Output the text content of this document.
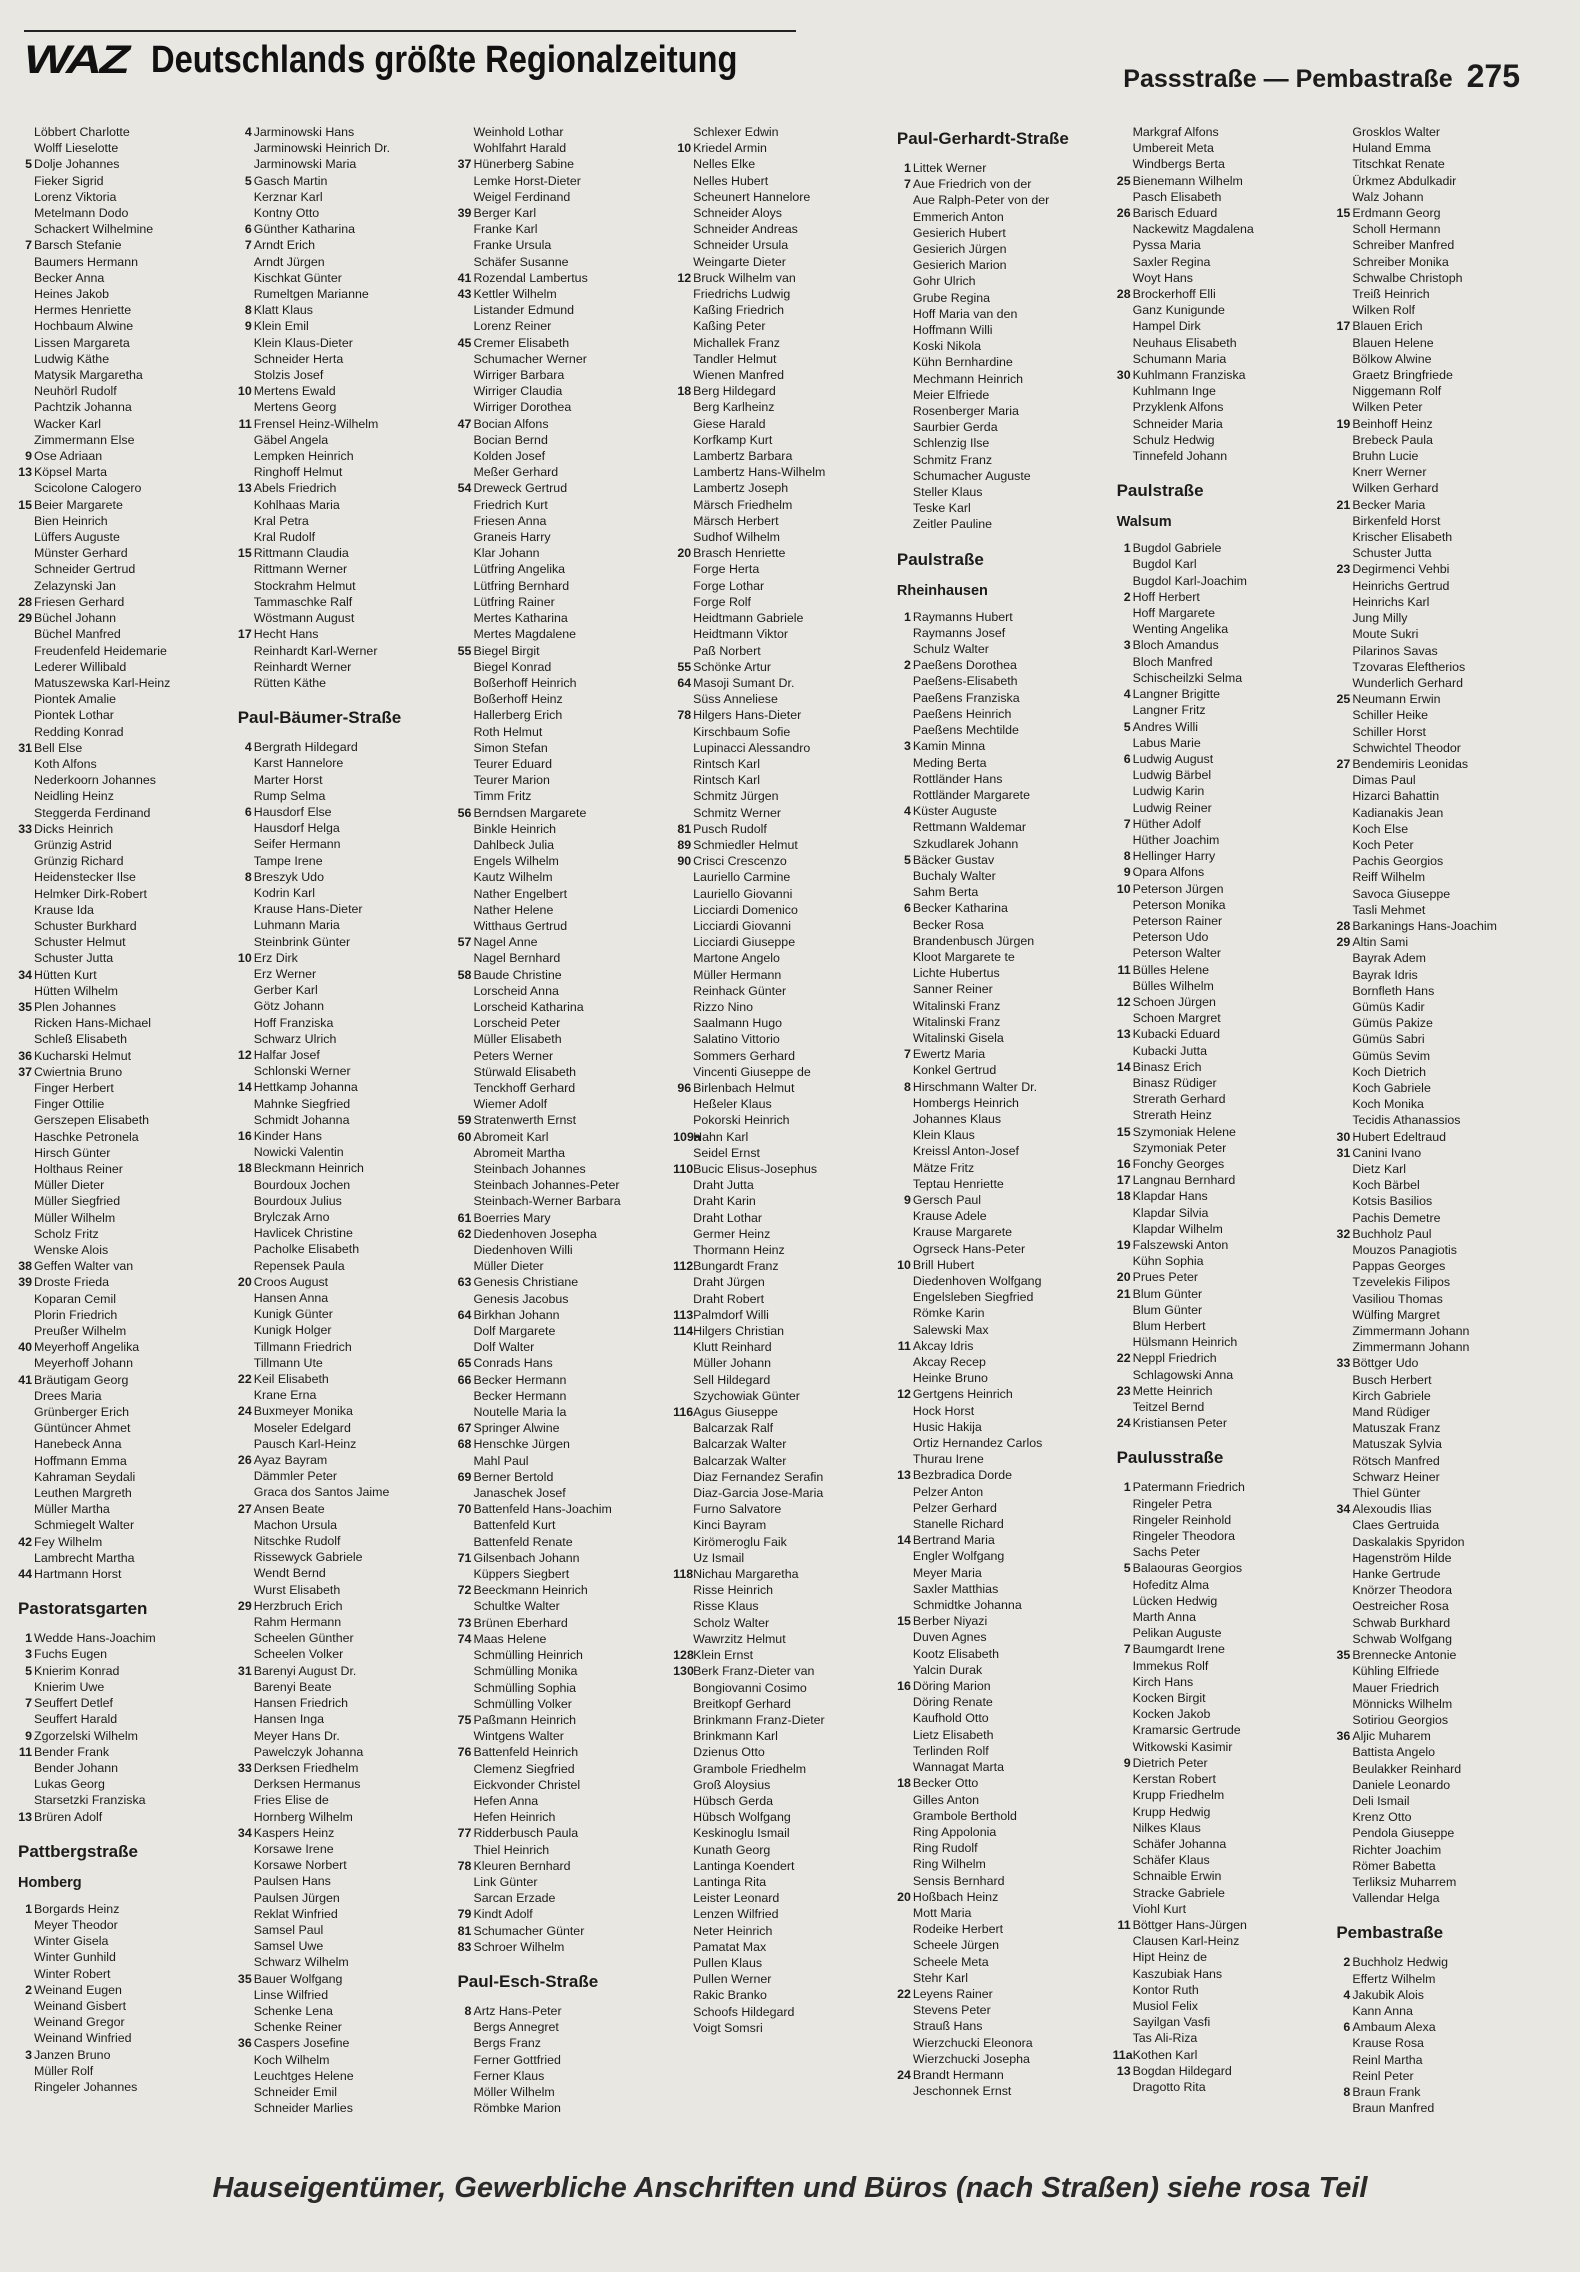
WAZ Deutschlands größte Regionalzeitung	Passstraße — Pembastraße 275
Löbbert Charlotte
Wolff Lieselotte
5 Dolje Johannes
Fieker Sigrid
Lorenz Viktoria
Metelmann Dodo
Schackert Wilhelmine
7 Barsch Stefanie
Baumers Hermann
Becker Anna
Heines Jakob
Hermes Henriette
Hochbaum Alwine
Lissen Margareta
Ludwig Käthe
Matysik Margaretha
Neuhörl Rudolf
Pachtzik Johanna
Wacker Karl
Zimmermann Else
9 Ose Adriaan
13 Köpsel Marta
Scicolone Calogero
15 Beier Margarete
Bien Heinrich
Lüffers Auguste
Münster Gerhard
Schneider Gertrud
Zelazynski Jan
28 Friesen Gerhard
29 Büchel Johann
Büchel Manfred
Freudenfeld Heidemarie
Lederer Willibald
Matuszewska Karl-Heinz
Piontek Amalie
Piontek Lothar
Redding Konrad
31 Bell Else
Koth Alfons
Nederkoorn Johannes
Neidling Heinz
Steggerda Ferdinand
33 Dicks Heinrich
Grünzig Astrid
Grünzig Richard
Heidenstecker Ilse
Helmker Dirk-Robert
Krause Ida
Schuster Burkhard
Schuster Helmut
Schuster Jutta
34 Hütten Kurt
Hütten Wilhelm
35 Plen Johannes
Ricken Hans-Michael
Schleß Elisabeth
36 Kucharski Helmut
37 Cwiertnia Bruno
Finger Herbert
Finger Ottilie
Gerszepen Elisabeth
Haschke Petronela
Hirsch Günter
Holthaus Reiner
Müller Dieter
Müller Siegfried
Müller Wilhelm
Scholz Fritz
Wenske Alois
38 Geffen Walter van
39 Droste Frieda
Koparan Cemil
Plorin Friedrich
Preußer Wilhelm
40 Meyerhoff Angelika
Meyerhoff Johann
41 Bräutigam Georg
Drees Maria
Grünberger Erich
Güntüncer Ahmet
Hanebeck Anna
Hoffmann Emma
Kahraman Seydali
Leuthen Margreth
Müller Martha
Schmiegelt Walter
42 Fey Wilhelm
Lambrecht Martha
44 Hartmann Horst
Pastoratsgarten
1 Wedde Hans-Joachim
3 Fuchs Eugen
5 Knierim Konrad
Knierim Uwe
7 Seuffert Detlef
Seuffert Harald
9 Zgorzelski Wilhelm
11 Bender Frank
Bender Johann
Lukas Georg
Starsetzki Franziska
13 Brüren Adolf
Pattbergstraße
Homberg
1 Borgards Heinz
Meyer Theodor
Winter Gisela
Winter Gunhild
Winter Robert
2 Weinand Eugen
Weinand Gisbert
Weinand Gregor
Weinand Winfried
3 Janzen Bruno
Müller Rolf
Ringeler Johannes
4 Jarminowski Hans
Jarminowski Heinrich Dr.
Jarminowski Maria
5 Gasch Martin
Kerznar Karl
Kontny Otto
6 Günther Katharina
7 Arndt Erich
Arndt Jürgen
Kischkat Günter
Rumeltgen Marianne
8 Klatt Klaus
9 Klein Emil
Klein Klaus-Dieter
Schneider Herta
Stolzis Josef
10 Mertens Ewald
Mertens Georg
11 Frensel Heinz-Wilhelm
Gäbel Angela
Lempken Heinrich
Ringhoff Helmut
13 Abels Friedrich
Kohlhaas Maria
Kral Petra
Kral Rudolf
15 Rittmann Claudia
Rittmann Werner
Stockrahm Helmut
Tammaschke Ralf
Wöstmann August
17 Hecht Hans
Reinhardt Karl-Werner
Reinhardt Werner
Rütten Käthe
Paul-Bäumer-Straße
4 Bergrath Hildegard
Karst Hannelore
Marter Horst
Rump Selma
6 Hausdorf Else
Hausdorf Helga
Seifer Hermann
Tampe Irene
8 Breszyk Udo
Kodrin Karl
Krause Hans-Dieter
Luhmann Maria
Steinbrink Günter
10 Erz Dirk
Erz Werner
Gerber Karl
Götz Johann
Hoff Franziska
Schwarz Ulrich
12 Halfar Josef
Schlonski Werner
14 Hettkamp Johanna
Mahnke Siegfried
Schmidt Johanna
16 Kinder Hans
Nowicki Valentin
18 Bleckmann Heinrich
Bourdoux Jochen
Bourdoux Julius
Brylczak Arno
Havlicek Christine
Pacholke Elisabeth
Repensek Paula
20 Croos August
Hansen Anna
Kunigk Günter
Kunigk Holger
Tillmann Friedrich
Tillmann Ute
22 Keil Elisabeth
Krane Erna
24 Buxmeyer Monika
Moseler Edelgard
Pausch Karl-Heinz
26 Ayaz Bayram
Dämmler Peter
Graca dos Santos Jaime
27 Ansen Beate
Machon Ursula
Nitschke Rudolf
Rissewyck Gabriele
Wendt Bernd
Wurst Elisabeth
29 Herzbruch Erich
Rahm Hermann
Scheelen Günther
Scheelen Volker
31 Barenyi August Dr.
Barenyi Beate
Hansen Friedrich
Hansen Inga
Meyer Hans Dr.
Pawelczyk Johanna
33 Derksen Friedhelm
Derksen Hermanus
Fries Elise de
Hornberg Wilhelm
34 Kaspers Heinz
Korsawe Irene
Korsawe Norbert
Paulsen Hans
Paulsen Jürgen
Reklat Winfried
Samsel Paul
Samsel Uwe
Schwarz Wilhelm
35 Bauer Wolfgang
Linse Wilfried
Schenke Lena
Schenke Reiner
36 Caspers Josefine
Koch Wilhelm
Leuchtges Helene
Schneider Emil
Schneider Marlies
Weinhold Lothar
Wohlfahrt Harald
37 Hünerberg Sabine
Lemke Horst-Dieter
Weigel Ferdinand
39 Berger Karl
Franke Karl
Franke Ursula
Schäfer Susanne
41 Rozendal Lambertus
43 Kettler Wilhelm
Listander Edmund
Lorenz Reiner
45 Cremer Elisabeth
Schumacher Werner
Wirriger Barbara
Wirriger Claudia
Wirriger Dorothea
47 Bocian Alfons
Bocian Bernd
Kolden Josef
Meßer Gerhard
54 Dreweck Gertrud
Friedrich Kurt
Friesen Anna
Graneis Harry
Klar Johann
Lütfring Angelika
Lütfring Bernhard
Lütfring Rainer
Mertes Katharina
Mertes Magdalene
55 Biegel Birgit
Biegel Konrad
Boßerhoff Heinrich
Boßerhoff Heinz
Hallerberg Erich
Roth Helmut
Simon Stefan
Teurer Eduard
Teurer Marion
Timm Fritz
56 Berndsen Margarete
Binkle Heinrich
Dahlbeck Julia
Engels Wilhelm
Kautz Wilhelm
Nather Engelbert
Nather Helene
Witthaus Gertrud
57 Nagel Anne
Nagel Bernhard
58 Baude Christine
Lorscheid Anna
Lorscheid Katharina
Lorscheid Peter
Müller Elisabeth
Peters Werner
Stürwald Elisabeth
Tenckhoff Gerhard
Wiemer Adolf
59 Stratenwerth Ernst
60 Abromeit Karl
Abromeit Martha
Steinbach Johannes
Steinbach Johannes-Peter
Steinbach-Werner Barbara
61 Boerries Mary
62 Diedenhoven Josepha
Diedenhoven Willi
Müller Dieter
63 Genesis Christiane
Genesis Jacobus
64 Birkhan Johann
Dolf Margarete
Dolf Walter
65 Conrads Hans
66 Becker Hermann
Becker Hermann
Noutelle Maria la
67 Springer Alwine
68 Henschke Jürgen
Mahl Paul
69 Berner Bertold
Janaschek Josef
70 Battenfeld Hans-Joachim
Battenfeld Kurt
Battenfeld Renate
71 Gilsenbach Johann
Küppers Siegbert
72 Beeckmann Heinrich
Schultke Walter
73 Brünen Eberhard
74 Maas Helene
Schmülling Heinrich
Schmülling Monika
Schmülling Sophia
Schmülling Volker
75 Paßmann Heinrich
Wintgens Walter
76 Battenfeld Heinrich
Clemenz Siegfried
Eickvonder Christel
Hefen Anna
Hefen Heinrich
77 Ridderbusch Paula
Thiel Heinrich
78 Kleuren Bernhard
Link Günter
Sarcan Erzade
79 Kindt Adolf
81 Schumacher Günter
83 Schroer Wilhelm
Paul-Esch-Straße
8 Artz Hans-Peter
Bergs Annegret
Bergs Franz
Ferner Gottfried
Ferner Klaus
Möller Wilhelm
Römbke Marion
Schlexer Edwin
10 Kriedel Armin
Nelles Elke
Nelles Hubert
Scheunert Hannelore
Schneider Aloys
Schneider Andreas
Schneider Ursula
Weingarte Dieter
12 Bruck Wilhelm van
Friedrichs Ludwig
Kaßing Friedrich
Kaßing Peter
Michallek Franz
Tandler Helmut
Wienen Manfred
18 Berg Hildegard
Berg Karlheinz
Giese Harald
Korfkamp Kurt
Lambertz Barbara
Lambertz Hans-Wilhelm
Lambertz Joseph
Märsch Friedhelm
Märsch Herbert
Sudhof Wilhelm
20 Brasch Henriette
Forge Herta
Forge Lothar
Forge Rolf
Heidtmann Gabriele
Heidtmann Viktor
Paß Norbert
55 Schönke Artur
64 Masoji Sumant Dr.
Süss Anneliese
78 Hilgers Hans-Dieter
Kirschbaum Sofie
Lupinacci Alessandro
Rintsch Karl
Rintsch Karl
Schmitz Jürgen
Schmitz Werner
81 Pusch Rudolf
89 Schmiedler Helmut
90 Crisci Crescenzo
Lauriello Carmine
Lauriello Giovanni
Licciardi Domenico
Licciardi Giovanni
Licciardi Giuseppe
Martone Angelo
Müller Hermann
Reinhack Günter
Rizzo Nino
Saalmann Hugo
Salatino Vittorio
Sommers Gerhard
Vincenti Giuseppe de
96 Birlenbach Helmut
Heßeler Klaus
Pokorski Heinrich
109a
Hahn Karl
Seidel Ernst
110 Bucic Elisus-Josephus
Draht Jutta
Draht Karin
Draht Lothar
Germer Heinz
Thormann Heinz
112 Bungardt Franz
Draht Jürgen
Draht Robert
113 Palmdorf Willi
114 Hilgers Christian
Klutt Reinhard
Müller Johann
Sell Hildegard
Szychowiak Günter
116 Agus Giuseppe
Balcarzak Ralf
Balcarzak Walter
Balcarzak Walter
Diaz Fernandez Serafin
Diaz-Garcia Jose-Maria
Furno Salvatore
Kinci Bayram
Kirömeroglu Faik
Uz Ismail
118 Nichau Margaretha
Risse Heinrich
Risse Klaus
Scholz Walter
Wawrzitz Helmut
128 Klein Ernst
130 Berk Franz-Dieter van
Bongiovanni Cosimo
Breitkopf Gerhard
Brinkmann Franz-Dieter
Brinkmann Karl
Dzienus Otto
Grambole Friedhelm
Groß Aloysius
Hübsch Gerda
Hübsch Wolfgang
Keskinoglu Ismail
Kunath Georg
Lantinga Koendert
Lantinga Rita
Leister Leonard
Lenzen Wilfried
Neter Heinrich
Pamatat Max
Pullen Klaus
Pullen Werner
Rakic Branko
Schoofs Hildegard
Voigt Somsri
Paul-Gerhardt-Straße
1 Littek Werner
7 Aue Friedrich von der
Aue Ralph-Peter von der
Emmerich Anton
Gesierich Hubert
Gesierich Jürgen
Gesierich Marion
Gohr Ulrich
Grube Regina
Hoff Maria van den
Hoffmann Willi
Koski Nikola
Kühn Bernhardine
Mechmann Heinrich
Meier Elfriede
Rosenberger Maria
Saurbier Gerda
Schlenzig Ilse
Schmitz Franz
Schumacher Auguste
Steller Klaus
Teske Karl
Zeitler Pauline
Paulstraße
Rheinhausen
1 Raymanns Hubert
Raymanns Josef
Schulz Walter
2 Paeßens Dorothea
Paeßens-Elisabeth
Paeßens Franziska
Paeßens Heinrich
Paeßens Mechtilde
3 Kamin Minna
Meding Berta
Rottländer Hans
Rottländer Margarete
4 Küster Auguste
Rettmann Waldemar
Szkudlarek Johann
5 Bäcker Gustav
Buchaly Walter
Sahm Berta
6 Becker Katharina
Becker Rosa
Brandenbusch Jürgen
Kloot Margarete te
Lichte Hubertus
Sanner Reiner
Witalinski Franz
Witalinski Franz
Witalinski Gisela
7 Ewertz Maria
Konkel Gertrud
8 Hirschmann Walter Dr.
Hombergs Heinrich
Johannes Klaus
Klein Klaus
Kreissl Anton-Josef
Mätze Fritz
Teptau Henriette
9 Gersch Paul
Krause Adele
Krause Margarete
Ogrseck Hans-Peter
10 Brill Hubert
Diedenhoven Wolfgang
Engelsleben Siegfried
Römke Karin
Salewski Max
11 Akcay Idris
Akcay Recep
Heinke Bruno
12 Gertgens Heinrich
Hock Horst
Husic Hakija
Ortiz Hernandez Carlos
Thurau Irene
13 Bezbradica Dorde
Pelzer Anton
Pelzer Gerhard
Stanelle Richard
14 Bertrand Maria
Engler Wolfgang
Meyer Maria
Saxler Matthias
Schmidtke Johanna
15 Berber Niyazi
Duven Agnes
Kootz Elisabeth
Yalcin Durak
16 Döring Marion
Döring Renate
Kaufhold Otto
Lietz Elisabeth
Terlinden Rolf
Wannagat Marta
18 Becker Otto
Gilles Anton
Grambole Berthold
Ring Appolonia
Ring Rudolf
Ring Wilhelm
Sensis Bernhard
20 Hoßbach Heinz
Mott Maria
Rodeike Herbert
Scheele Jürgen
Scheele Meta
Stehr Karl
22 Leyens Rainer
Stevens Peter
Strauß Hans
Wierzchucki Eleonora
Wierzchucki Josepha
24 Brandt Hermann
Jeschonnek Ernst
Markgraf Alfons
Umbereit Meta
Windbergs Berta
25 Bienemann Wilhelm
Pasch Elisabeth
26 Barisch Eduard
Nackewitz Magdalena
Pyssa Maria
Saxler Regina
Woyt Hans
28 Brockerhoff Elli
Ganz Kunigunde
Hampel Dirk
Neuhaus Elisabeth
Schumann Maria
30 Kuhlmann Franziska
Kuhlmann Inge
Przyklenk Alfons
Schneider Maria
Schulz Hedwig
Tinnefeld Johann
Paulstraße
Walsum
1 Bugdol Gabriele
Bugdol Karl
Bugdol Karl-Joachim
2 Hoff Herbert
Hoff Margarete
Wenting Angelika
3 Bloch Amandus
Bloch Manfred
Schischeilzki Selma
4 Langner Brigitte
Langner Fritz
5 Andres Willi
Labus Marie
6 Ludwig August
Ludwig Bärbel
Ludwig Karin
Ludwig Reiner
7 Hüther Adolf
Hüther Joachim
8 Hellinger Harry
9 Opara Alfons
10 Peterson Jürgen
Peterson Monika
Peterson Rainer
Peterson Udo
Peterson Walter
11 Bülles Helene
Bülles Wilhelm
12 Schoen Jürgen
Schoen Margret
13 Kubacki Eduard
Kubacki Jutta
14 Binasz Erich
Binasz Rüdiger
Strerath Gerhard
Strerath Heinz
15 Szymoniak Helene
Szymoniak Peter
16 Fonchy Georges
17 Langnau Bernhard
18 Klapdar Hans
Klapdar Silvia
Klapdar Wilhelm
19 Falszewski Anton
Kühn Sophia
20 Prues Peter
21 Blum Günter
Blum Günter
Blum Herbert
Hülsmann Heinrich
22 Neppl Friedrich
Schlagowski Anna
23 Mette Heinrich
Teitzel Bernd
24 Kristiansen Peter
Paulusstraße
1 Patermann Friedrich
Ringeler Petra
Ringeler Reinhold
Ringeler Theodora
Sachs Peter
5 Balaouras Georgios
Hofeditz Alma
Lücken Hedwig
Marth Anna
Pelikan Auguste
7 Baumgardt Irene
Immekus Rolf
Kirch Hans
Kocken Birgit
Kocken Jakob
Kramarsic Gertrude
Witkowski Kasimir
9 Dietrich Peter
Kerstan Robert
Krupp Friedhelm
Krupp Hedwig
Nilkes Klaus
Schäfer Johanna
Schäfer Klaus
Schnaible Erwin
Stracke Gabriele
Viohl Kurt
11 Böttger Hans-Jürgen
Clausen Karl-Heinz
Hipt Heinz de
Kaszubiak Hans
Kontor Ruth
Musiol Felix
Sayilgan Vasfi
Tas Ali-Riza
11a Kothen Karl
13 Bogdan Hildegard
Dragotto Rita
Grosklos Walter
Huland Emma
Titschkat Renate
Ürkmez Abdulkadir
Walz Johann
15 Erdmann Georg
Scholl Hermann
Schreiber Manfred
Schreiber Monika
Schwalbe Christoph
Treiß Heinrich
Wilken Rolf
17 Blauen Erich
Blauen Helene
Bölkow Alwine
Graetz Bringfriede
Niggemann Rolf
Wilken Peter
19 Beinhoff Heinz
Brebeck Paula
Bruhn Lucie
Knerr Werner
Wilken Gerhard
21 Becker Maria
Birkenfeld Horst
Krischer Elisabeth
Schuster Jutta
23 Degirmenci Vehbi
Heinrichs Gertrud
Heinrichs Karl
Jung Milly
Moute Sukri
Pilarinos Savas
Tzovaras Eleftherios
Wunderlich Gerhard
25 Neumann Erwin
Schiller Heike
Schiller Horst
Schwichtel Theodor
27 Bendemiris Leonidas
Dimas Paul
Hizarci Bahattin
Kadianakis Jean
Koch Else
Koch Peter
Pachis Georgios
Reiff Wilhelm
Savoca Giuseppe
Tasli Mehmet
28 Barkanings Hans-Joachim
29 Altin Sami
Bayrak Adem
Bayrak Idris
Bornfleth Hans
Gümüs Kadir
Gümüs Pakize
Gümüs Sabri
Gümüs Sevim
Koch Dietrich
Koch Gabriele
Koch Monika
Tecidis Athanassios
30 Hubert Edeltraud
31 Canini Ivano
Dietz Karl
Koch Bärbel
Kotsis Basilios
Pachis Demetre
32 Buchholz Paul
Mouzos Panagiotis
Pappas Georges
Tzevelekis Filipos
Vasiliou Thomas
Wülfing Margret
Zimmermann Johann
Zimmermann Johann
33 Böttger Udo
Busch Herbert
Kirch Gabriele
Mand Rüdiger
Matuszak Franz
Matuszak Sylvia
Rötsch Manfred
Schwarz Heiner
Thiel Günter
34 Alexoudis Ilias
Claes Gertruida
Daskalakis Spyridon
Hagenström Hilde
Hanke Gertrude
Knörzer Theodora
Oestreicher Rosa
Schwab Burkhard
Schwab Wolfgang
35 Brennecke Antonie
Kühling Elfriede
Mauer Friedrich
Mönnicks Wilhelm
Sotiriou Georgios
36 Aljic Muharem
Battista Angelo
Beulakker Reinhard
Daniele Leonardo
Deli Ismail
Krenz Otto
Pendola Giuseppe
Richter Joachim
Römer Babetta
Terliksiz Muharrem
Vallendar Helga
Pembastraße
2 Buchholz Hedwig
Effertz Wilhelm
4 Jakubik Alois
Kann Anna
6 Ambaum Alexa
Krause Rosa
Reinl Martha
Reinl Peter
8 Braun Frank
Braun Manfred
Hauseigentümer, Gewerbliche Anschriften und Büros (nach Straßen) siehe rosa Teil
